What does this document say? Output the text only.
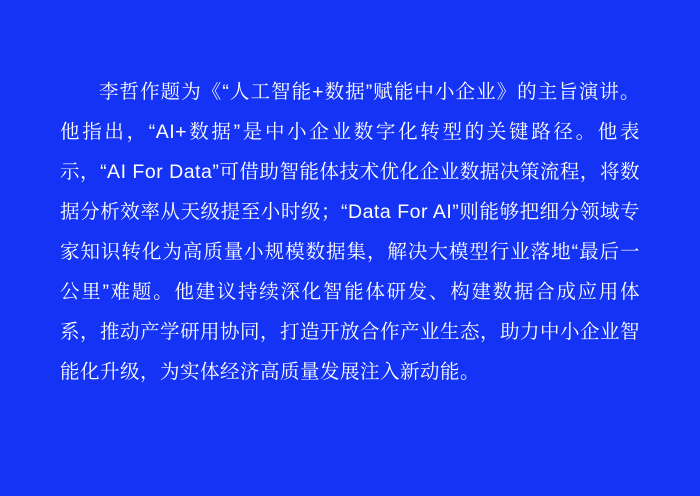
李哲作题为《“人工智能+数据”赋能中小企业》的主旨演讲。他指出，“AI+数据”是中小企业数字化转型的关键路径。他表示，“AI For Data”可借助智能体技术优化企业数据决策流程，将数据分析效率从天级提至小时级；“Data For AI”则能够把细分领域专家知识转化为高质量小规模数据集，解决大模型行业落地“最后一公里”难题。他建议持续深化智能体研发、构建数据合成应用体系，推动产学研用协同，打造开放合作产业生态，助力中小企业智能化升级，为实体经济高质量发展注入新动能。
